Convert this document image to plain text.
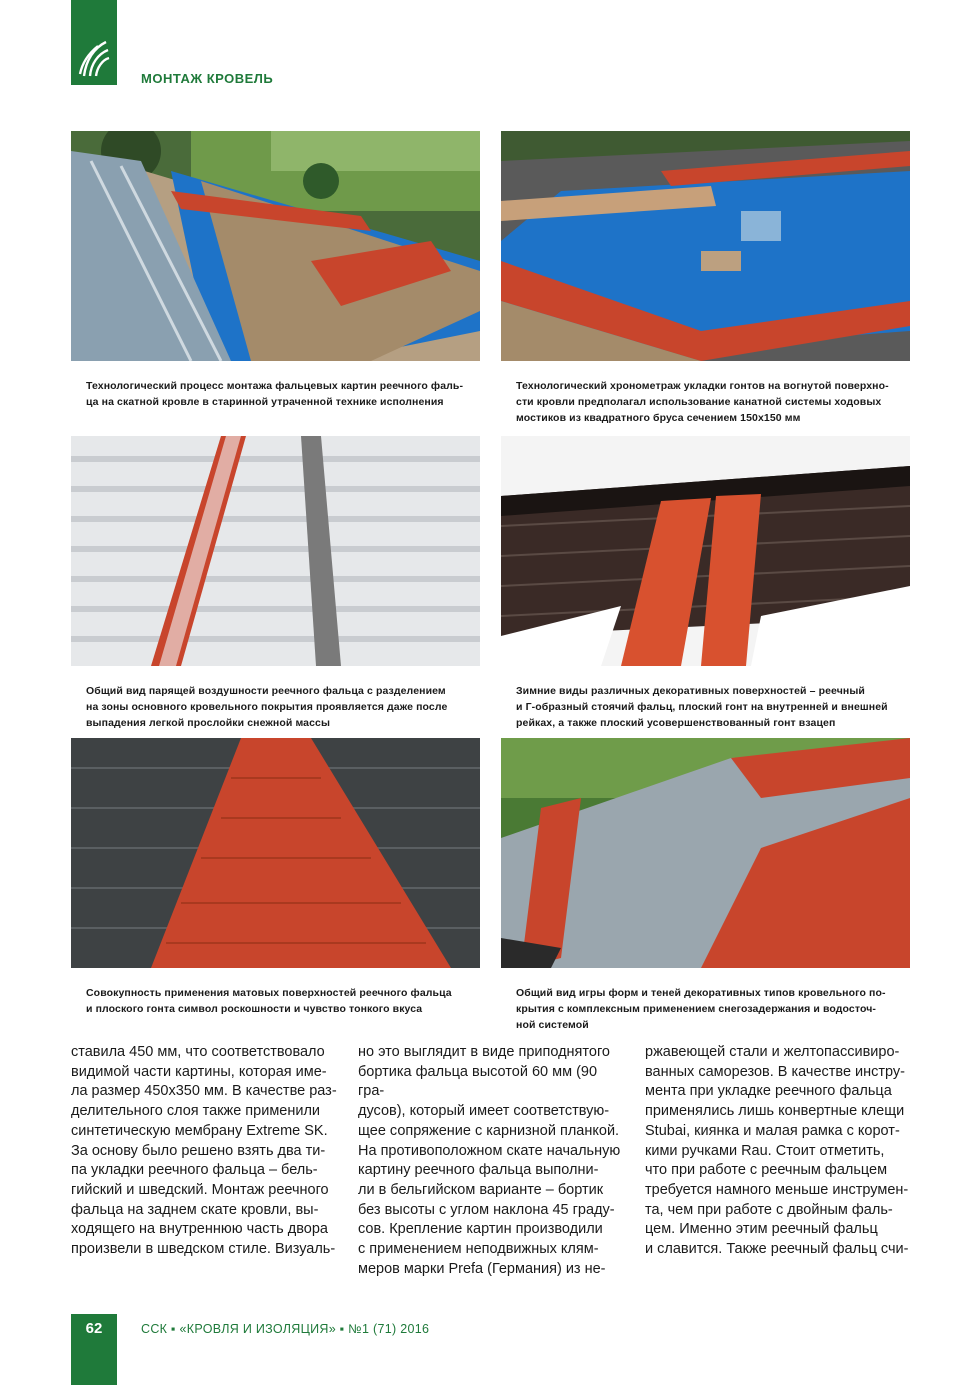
МОНТАЖ КРОВЕЛЬ
Технологический процесс монтажа фальцевых картин реечного фаль-
ца на скатной кровле в старинной утраченной технике исполнения
Технологический хронометраж укладки гонтов на вогнутой поверхно-
сти кровли предполагал использование канатной системы ходовых
мостиков из квадратного бруса сечением 150х150 мм
Общий вид парящей воздушности реечного фальца с разделением
на зоны основного кровельного покрытия проявляется даже после
выпадения легкой прослойки снежной массы
Зимние виды различных декоративных поверхностей – реечный
и Г-образный стоячий фальц, плоский гонт на внутренней и внешней
рейках, а также плоский усовершенствованный гонт взацеп
Совокупность применения матовых поверхностей реечного фальца
и плоского гонта символ роскошности и чувство тонкого вкуса
Общий вид игры форм и теней декоративных типов кровельного по-
крытия с комплексным применением снегозадержания и водосточ-
ной системой
ставила 450 мм, что соответствовало
видимой части картины, которая име-
ла размер 450х350 мм. В качестве раз-
делительного слоя также применили
синтетическую мембрану Extreme SK.
За основу было решено взять два ти-
па укладки реечного фальца – бель-
гийский и шведский. Монтаж реечного
фальца на заднем скате кровли, вы-
ходящего на внутреннюю часть двора
произвели в шведском стиле. Визуаль-
но это выглядит в виде приподнятого
бортика фальца высотой 60 мм (90 гра-
дусов), который имеет соответствую-
щее сопряжение с карнизной планкой.
На противоположном скате начальную
картину реечного фальца выполни-
ли в бельгийском варианте – бортик
без высоты с углом наклона 45 граду-
сов. Крепление картин производили
с применением неподвижных клям-
меров марки Prefa (Германия) из не-
ржавеющей стали и желтопассивиро-
ванных саморезов. В качестве инстру-
мента при укладке реечного фальца
применялись лишь конвертные клещи
Stubai, киянка и малая рамка с корот-
кими ручками Rau. Стоит отметить,
что при работе с реечным фальцем
требуется намного меньше инструмен-
та, чем при работе с двойным фаль-
цем. Именно этим реечный фальц
и славится. Также реечный фальц счи-
62	ССК ▪ «КРОВЛЯ И ИЗОЛЯЦИЯ» ▪ №1 (71) 2016
